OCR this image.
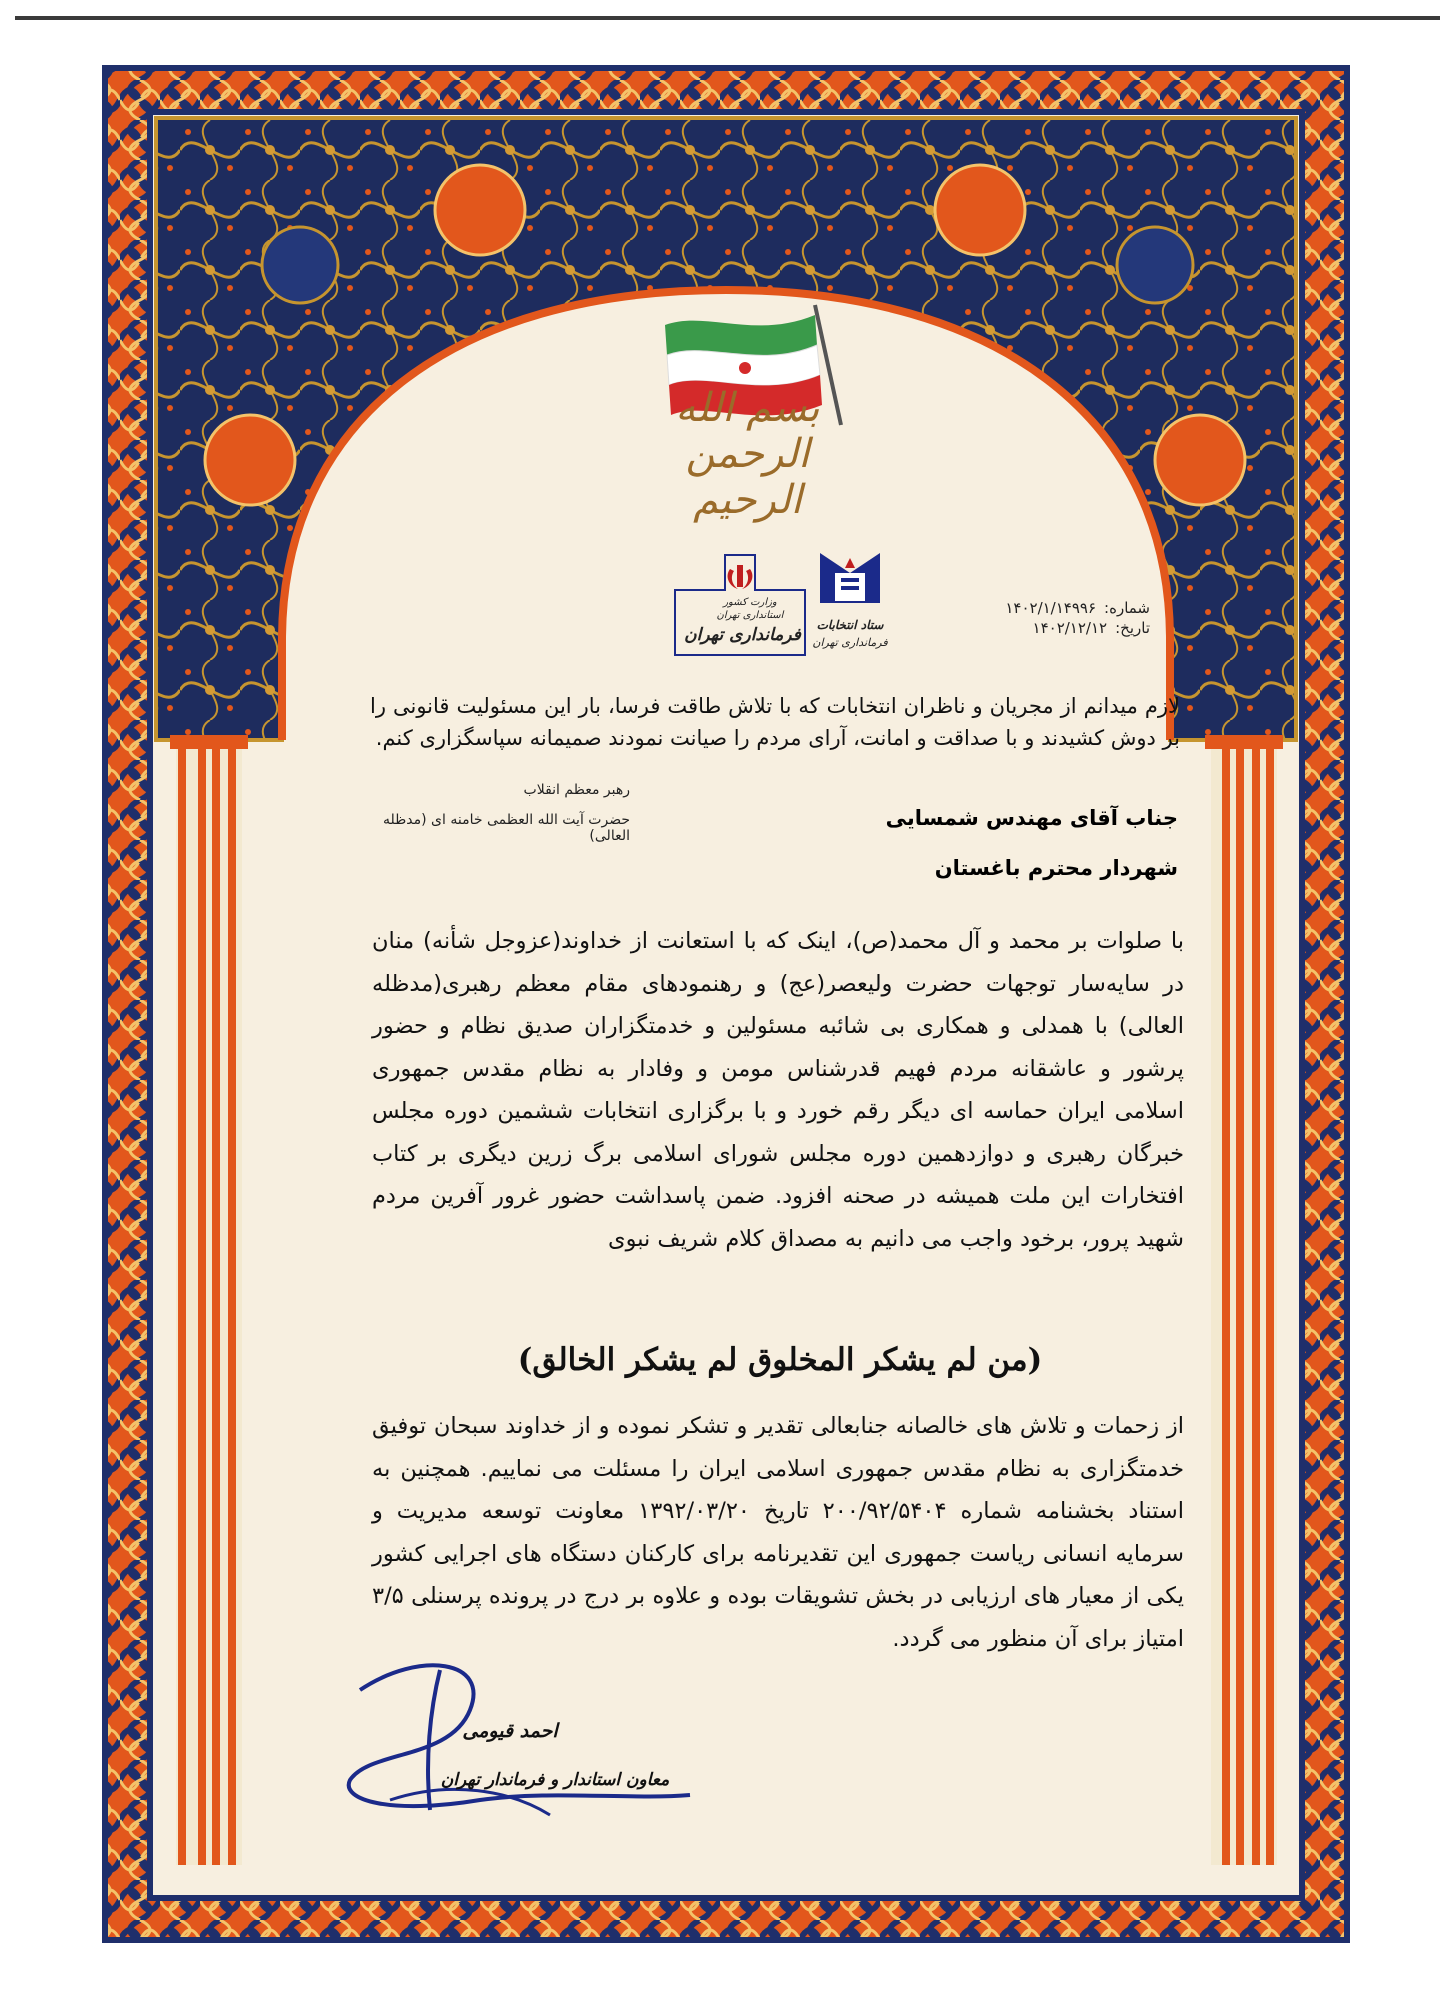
بسم الله الرحمن الرحیم
وزارت کشور
استانداری تهران
فرمانداری تهران	ستاد انتخابات
فرمانداری تهران
شماره:
۱۴۰۲/۱/۱۴۹۹۶
تاریخ:
۱۴۰۲/۱۲/۱۲
لازم میدانم از مجریان و ناظران انتخابات که با تلاش طاقت فرسا، بار این مسئولیت قانونی را بر دوش کشیدند و با صداقت و امانت، آرای مردم را صیانت نمودند صمیمانه سپاسگزاری کنم.
رهبر معظم انقلاب
حضرت آیت الله العظمی خامنه ای (مدظله العالی)
جناب آقای مهندس شمسایی
شهردار محترم باغستان
با صلوات بر محمد و آل محمد(ص)، اینک که با استعانت از خداوند(عزوجل شأنه) منان در سایه‌سار توجهات حضرت ولیعصر(عج) و رهنمودهای مقام معظم رهبری(مدظله العالی) با همدلی و همکاری بی شائبه مسئولین و خدمتگزاران صدیق نظام و حضور پرشور و عاشقانه مردم فهیم قدرشناس مومن و وفادار به نظام مقدس جمهوری اسلامی ایران حماسه ای دیگر رقم خورد و با برگزاری انتخابات ششمین دوره مجلس خبرگان رهبری و دوازدهمین دوره مجلس شورای اسلامی برگ زرین دیگری بر کتاب افتخارات این ملت همیشه در صحنه افزود. ضمن پاسداشت حضور غرور آفرین مردم شهید پرور، برخود واجب می دانیم به مصداق کلام شریف نبوی
(من لم یشکر المخلوق لم یشکر الخالق)
از زحمات و تلاش های خالصانه جنابعالی تقدیر و تشکر نموده و از خداوند سبحان توفیق خدمتگزاری به نظام مقدس جمهوری اسلامی ایران را مسئلت می نماییم. همچنین به استناد بخشنامه شماره ۲۰۰/۹۲/۵۴۰۴ تاریخ ۱۳۹۲/۰۳/۲۰ معاونت توسعه مدیریت و سرمایه انسانی ریاست جمهوری این تقدیرنامه برای کارکنان دستگاه های اجرایی کشور یکی از معیار های ارزیابی در بخش تشویقات بوده و علاوه بر درج در پرونده پرسنلی ۳/۵ امتیاز برای آن منظور می گردد.
احمد قیومی
معاون استاندار و فرماندار تهران
